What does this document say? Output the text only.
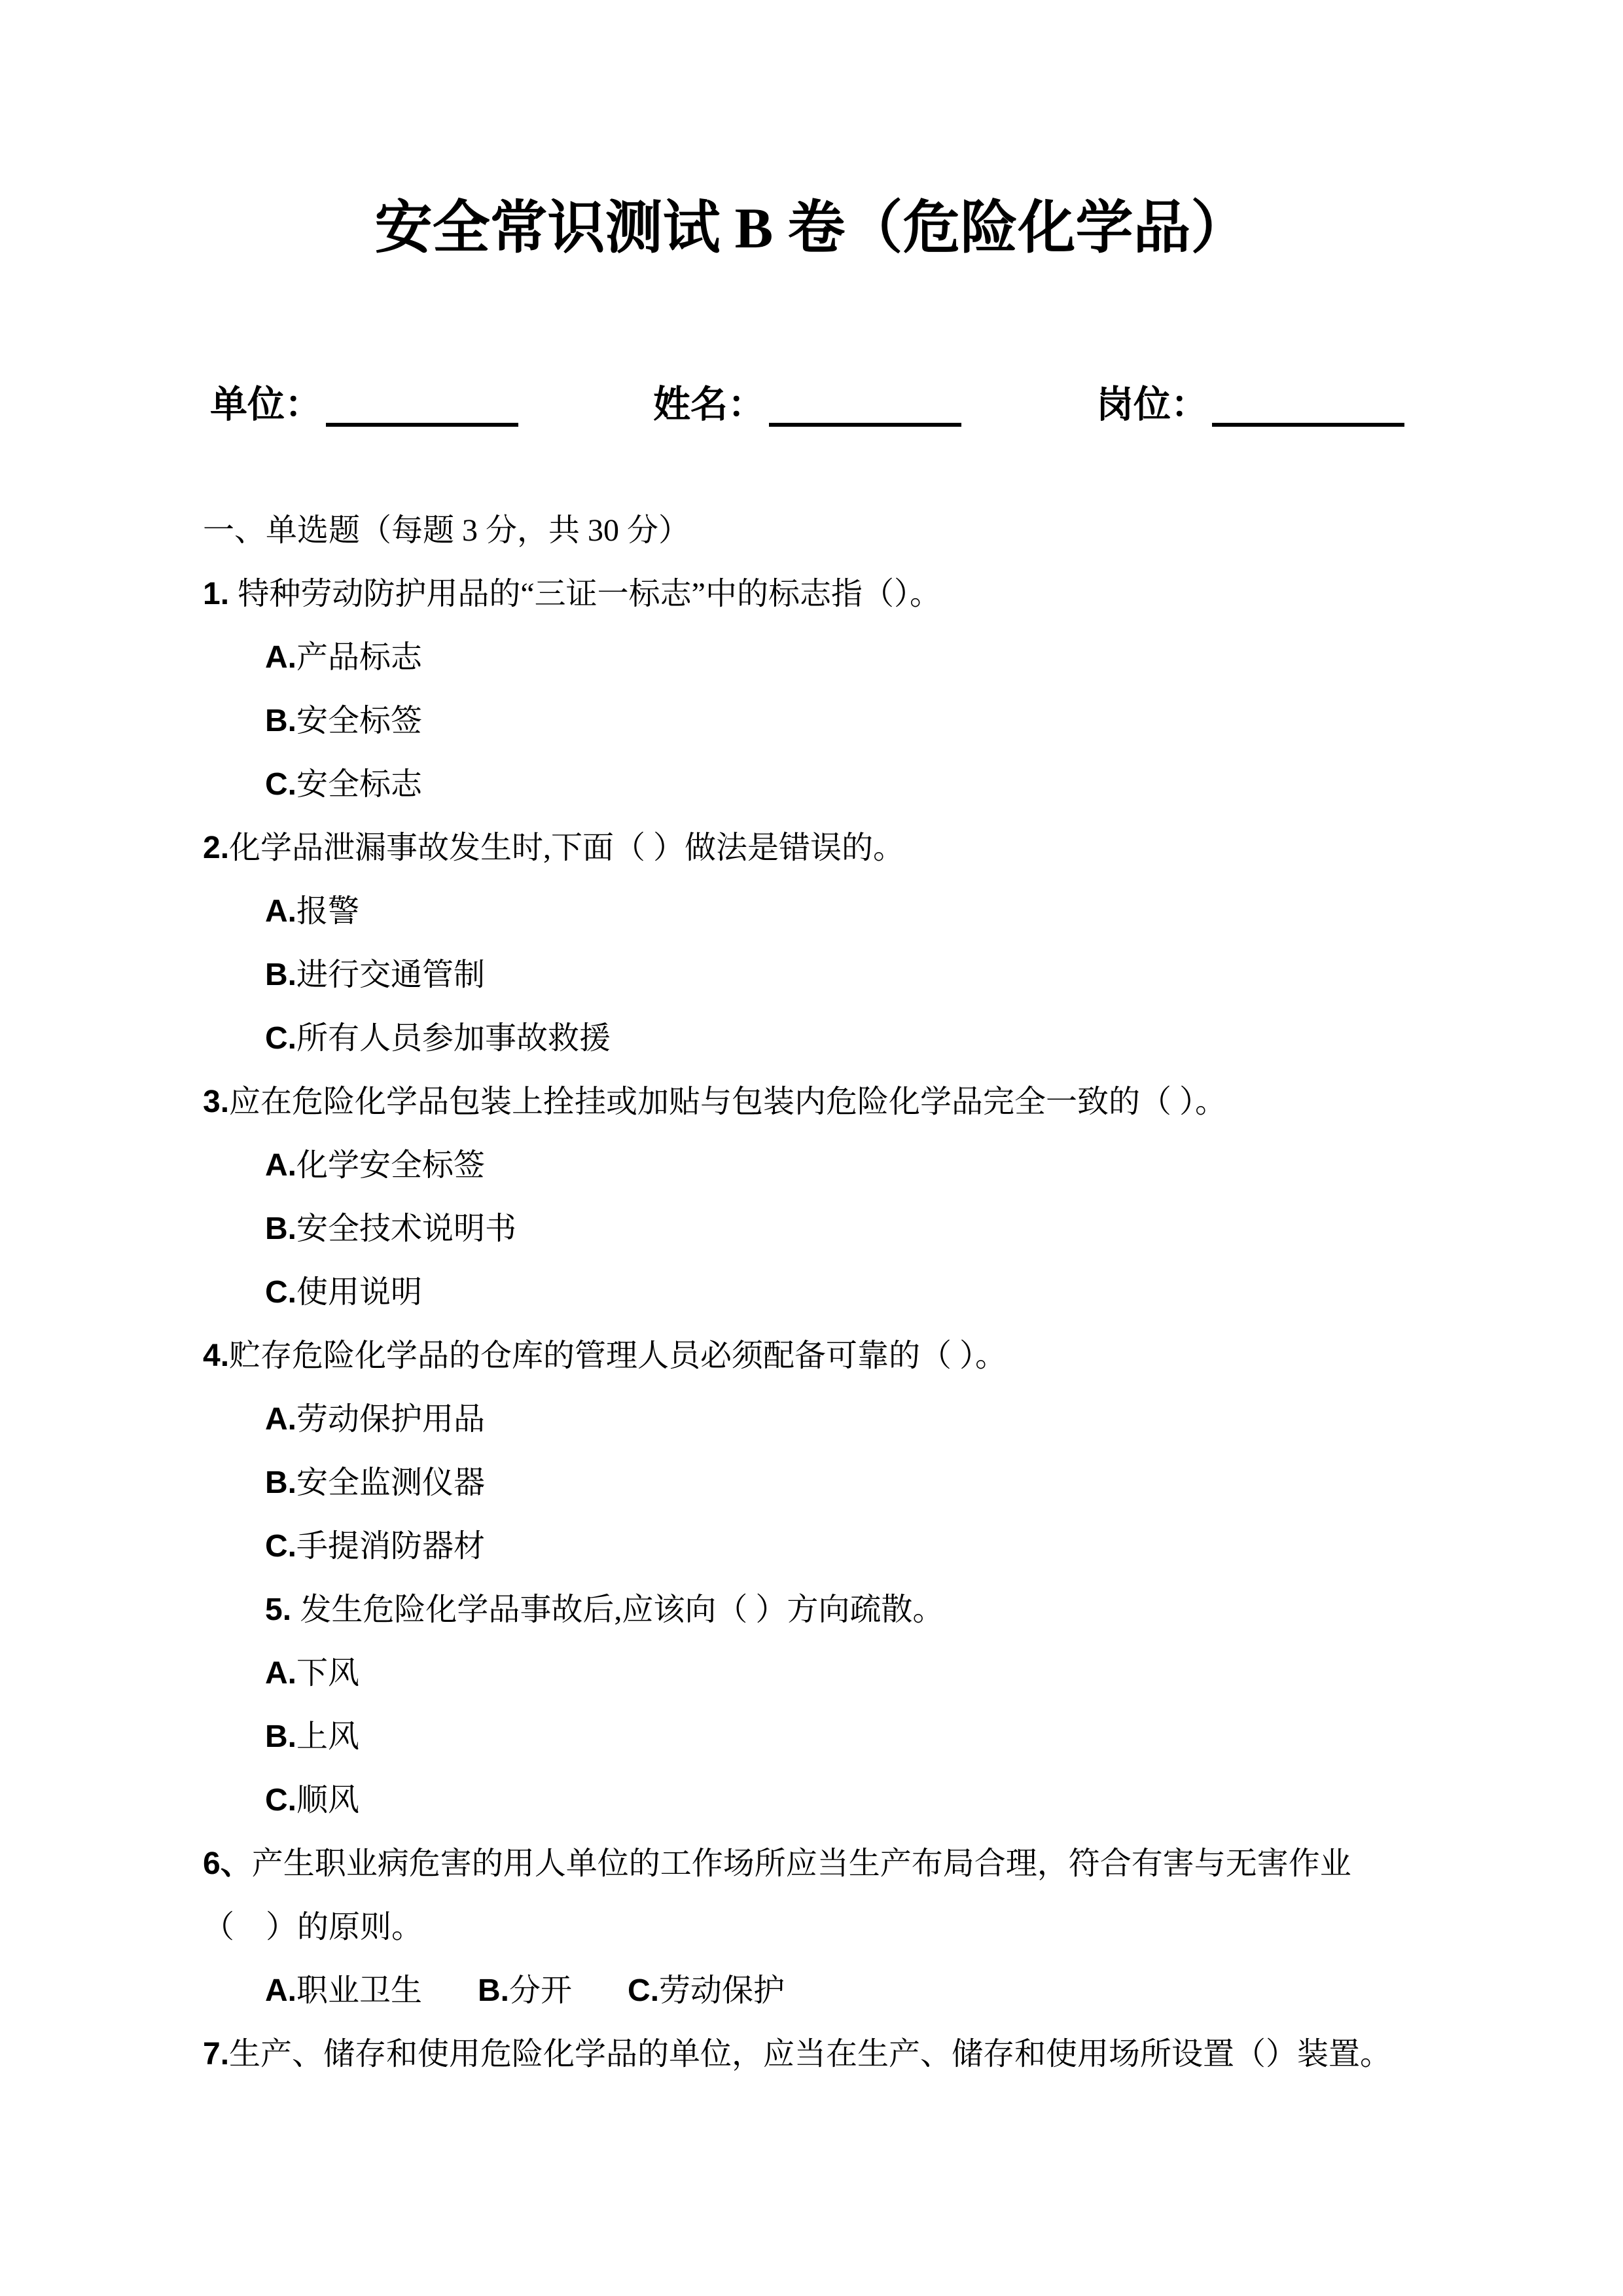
安全常识测试 B 卷（危险化学品）
单位：	姓名：	岗位：

一、单选题（每题 3 分，共 30 分）

1. 特种劳动防护用品的“三证一标志”中的标志指（）。

A.产品标志

B.安全标签

C.安全标志

2.化学品泄漏事故发生时,下面（ ）做法是错误的。

A.报警

B.进行交通管制

C.所有人员参加事故救援

3.应在危险化学品包装上拴挂或加贴与包装内危险化学品完全一致的（ ）。

A.化学安全标签

B.安全技术说明书

C.使用说明

4.贮存危险化学品的仓库的管理人员必须配备可靠的（ ）。

A.劳动保护用品

B.安全监测仪器

C.手提消防器材

5. 发生危险化学品事故后,应该向（ ）方向疏散。

A.下风

B.上风

C.顺风

6、产生职业病危害的用人单位的工作场所应当生产布局合理，符合有害与无害作业

（　）的原则。

A.职业卫生 B.分开 C.劳动保护

7.生产、储存和使用危险化学品的单位，应当在生产、储存和使用场所设置（）装置。
